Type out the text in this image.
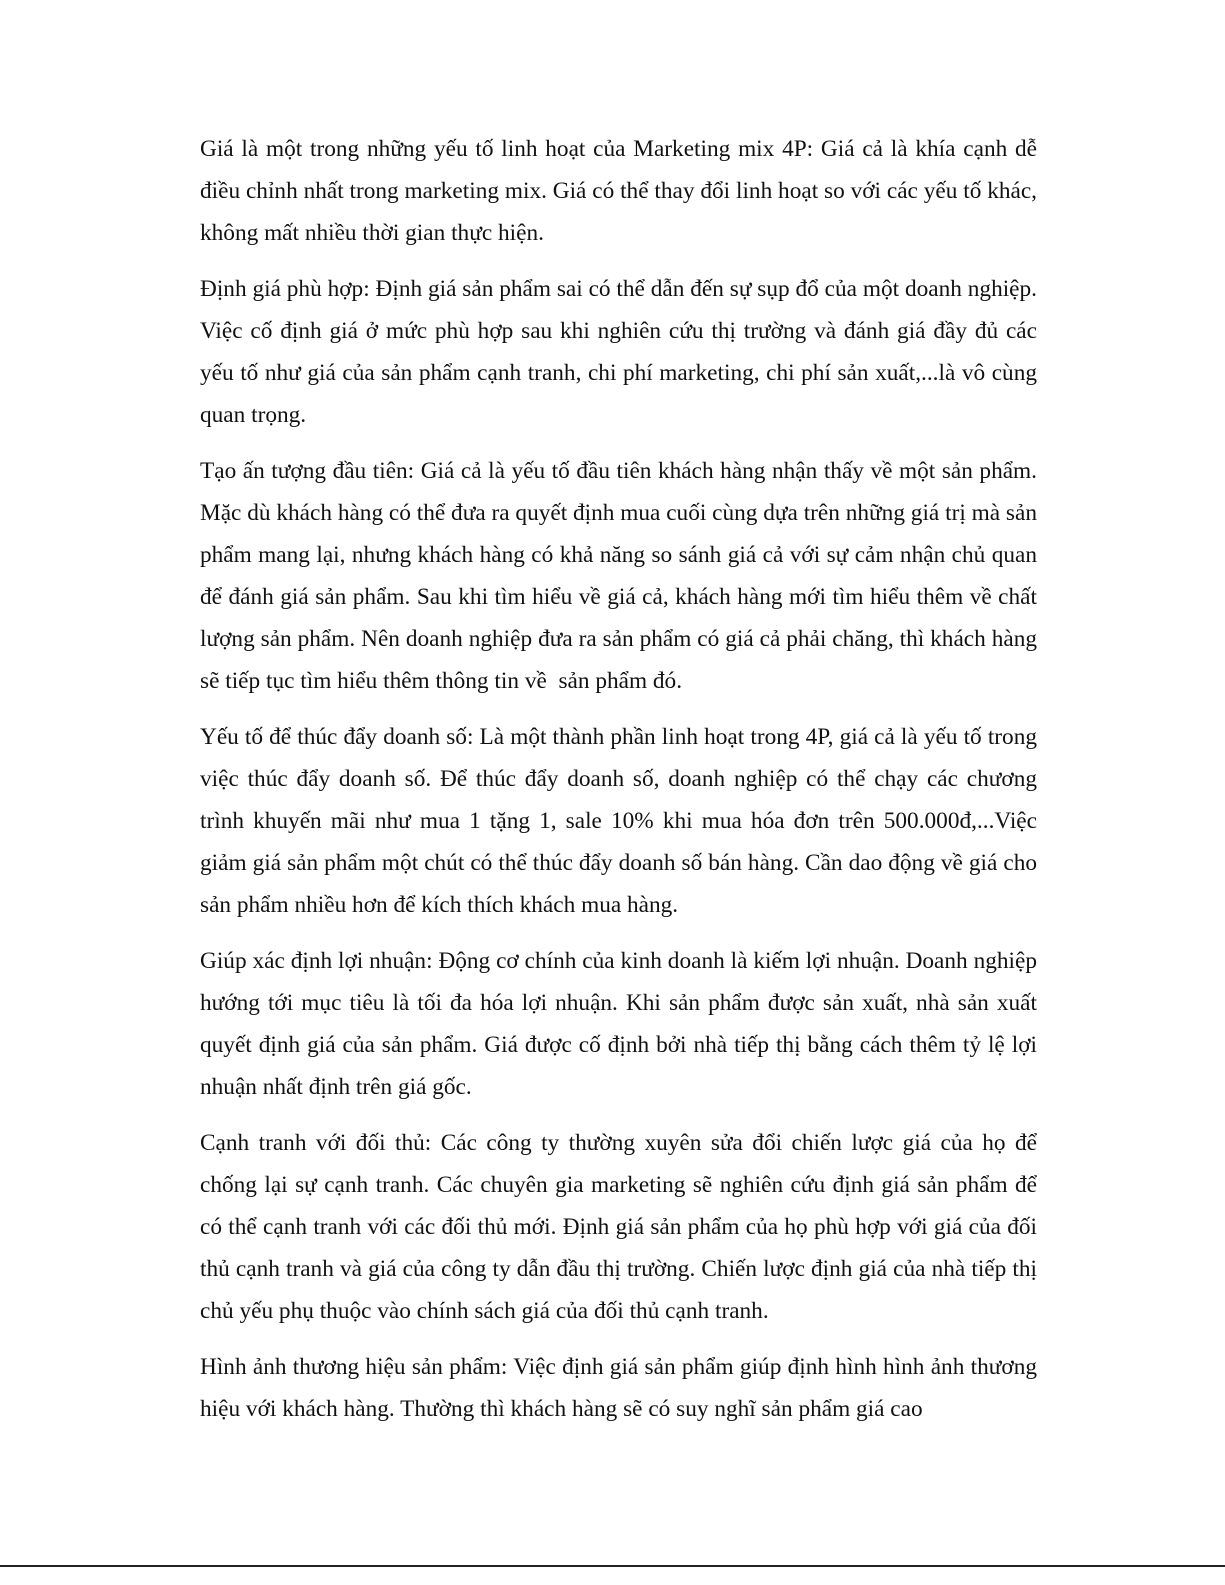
Giá là một trong những yếu tố linh hoạt của Marketing mix 4P: Giá cả là khía cạnh dễ điều chỉnh nhất trong marketing mix. Giá có thể thay đổi linh hoạt so với các yếu tố khác, không mất nhiều thời gian thực hiện.

Định giá phù hợp: Định giá sản phẩm sai có thể dẫn đến sự sụp đổ của một doanh nghiệp. Việc cố định giá ở mức phù hợp sau khi nghiên cứu thị trường và đánh giá đầy đủ các yếu tố như giá của sản phẩm cạnh tranh, chi phí marketing, chi phí sản xuất,...là vô cùng quan trọng.

Tạo ấn tượng đầu tiên: Giá cả là yếu tố đầu tiên khách hàng nhận thấy về một sản phẩm. Mặc dù khách hàng có thể đưa ra quyết định mua cuối cùng dựa trên những giá trị mà sản phẩm mang lại, nhưng khách hàng có khả năng so sánh giá cả với sự cảm nhận chủ quan để đánh giá sản phẩm. Sau khi tìm hiểu về giá cả, khách hàng mới tìm hiểu thêm về chất lượng sản phẩm. Nên doanh nghiệp đưa ra sản phẩm có giá cả phải chăng, thì khách hàng sẽ tiếp tục tìm hiểu thêm thông tin về  sản phẩm đó.

Yếu tố để thúc đẩy doanh số: Là một thành phần linh hoạt trong 4P, giá cả là yếu tố trong việc thúc đẩy doanh số. Để thúc đẩy doanh số, doanh nghiệp có thể chạy các chương trình khuyến mãi như mua 1 tặng 1, sale 10% khi mua hóa đơn trên 500.000đ,...Việc giảm giá sản phẩm một chút có thể thúc đẩy doanh số bán hàng. Cần dao động về giá cho sản phẩm nhiều hơn để kích thích khách mua hàng.

Giúp xác định lợi nhuận: Động cơ chính của kinh doanh là kiếm lợi nhuận. Doanh nghiệp hướng tới mục tiêu là tối đa hóa lợi nhuận. Khi sản phẩm được sản xuất, nhà sản xuất quyết định giá của sản phẩm. Giá được cố định bởi nhà tiếp thị bằng cách thêm tỷ lệ lợi nhuận nhất định trên giá gốc.

Cạnh tranh với đối thủ: Các công ty thường xuyên sửa đổi chiến lược giá của họ để chống lại sự cạnh tranh. Các chuyên gia marketing sẽ nghiên cứu định giá sản phẩm để có thể cạnh tranh với các đối thủ mới. Định giá sản phẩm của họ phù hợp với giá của đối thủ cạnh tranh và giá của công ty dẫn đầu thị trường. Chiến lược định giá của nhà tiếp thị chủ yếu phụ thuộc vào chính sách giá của đối thủ cạnh tranh.

Hình ảnh thương hiệu sản phẩm: Việc định giá sản phẩm giúp định hình hình ảnh thương hiệu với khách hàng. Thường thì khách hàng sẽ có suy nghĩ sản phẩm giá cao
